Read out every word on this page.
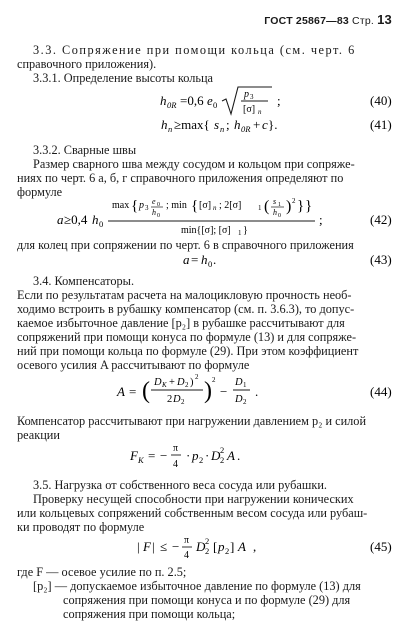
ГОСТ 25867—83 Стр. 13
3.3. Сопряжение при помощи кольца (см. черт. 6
справочного приложения).
3.3.1. Определение высоты кольца
h 0R =0,6 e 0
p 3
[σ] n
;	(40)
h n ≥max{ s n ; h 0R + c }.	(41)
3.3.2. Сварные швы
Размер сварного шва между сосудом и кольцом при сопряже-
ниях по черт. 6 а, б, г справочного приложения определяют по
формуле
a ≥0,4 h 0
max { p 3
e 0
h 0
; min { [σ] n ; 2[σ] 1 ( s 1
h 0
) 2 } }
min{[σ]; [σ] 1 }
;	(42)
для колец при сопряжении по черт. 6 в справочного приложения
a = h 0 .	(43)
3.4. Компенсаторы.
Если по результатам расчета на малоцикловую прочность необ-
ходимо встроить в рубашку компенсатор (см. п. 3.6.3), то допус-
каемое избыточное давление [p₂] в рубашке рассчитывают для
сопряжений при помощи конуса по формуле (13) и для сопряже-
ний при помощи кольца по формуле (29). При этом коэффициент
осевого усилия A рассчитывают по формуле
A = ( D K + D 2 ) 2
2 D 2 ) 2
−
D 1
D 2
.	(44)
Компенсатор рассчитывают при нагружении давлением p₂ и силой
реакции
F K = − π
4
· p 2 · D 2
2 A .
3.5. Нагрузка от собственного веса сосуда или рубашки.
Проверку несущей способности при нагружении конических
или кольцевых сопряжений собственным весом сосуда или рубаш-
ки проводят по формуле
| F | ≤ − π
4
D 2
2 [ p 2 ] A ,	(45)
где F — осевое усилие по п. 2.5;
[p₂] — допускаемое избыточное давление по формуле (13) для
сопряжения при помощи конуса и по формуле (29) для
сопряжения при помощи кольца;
